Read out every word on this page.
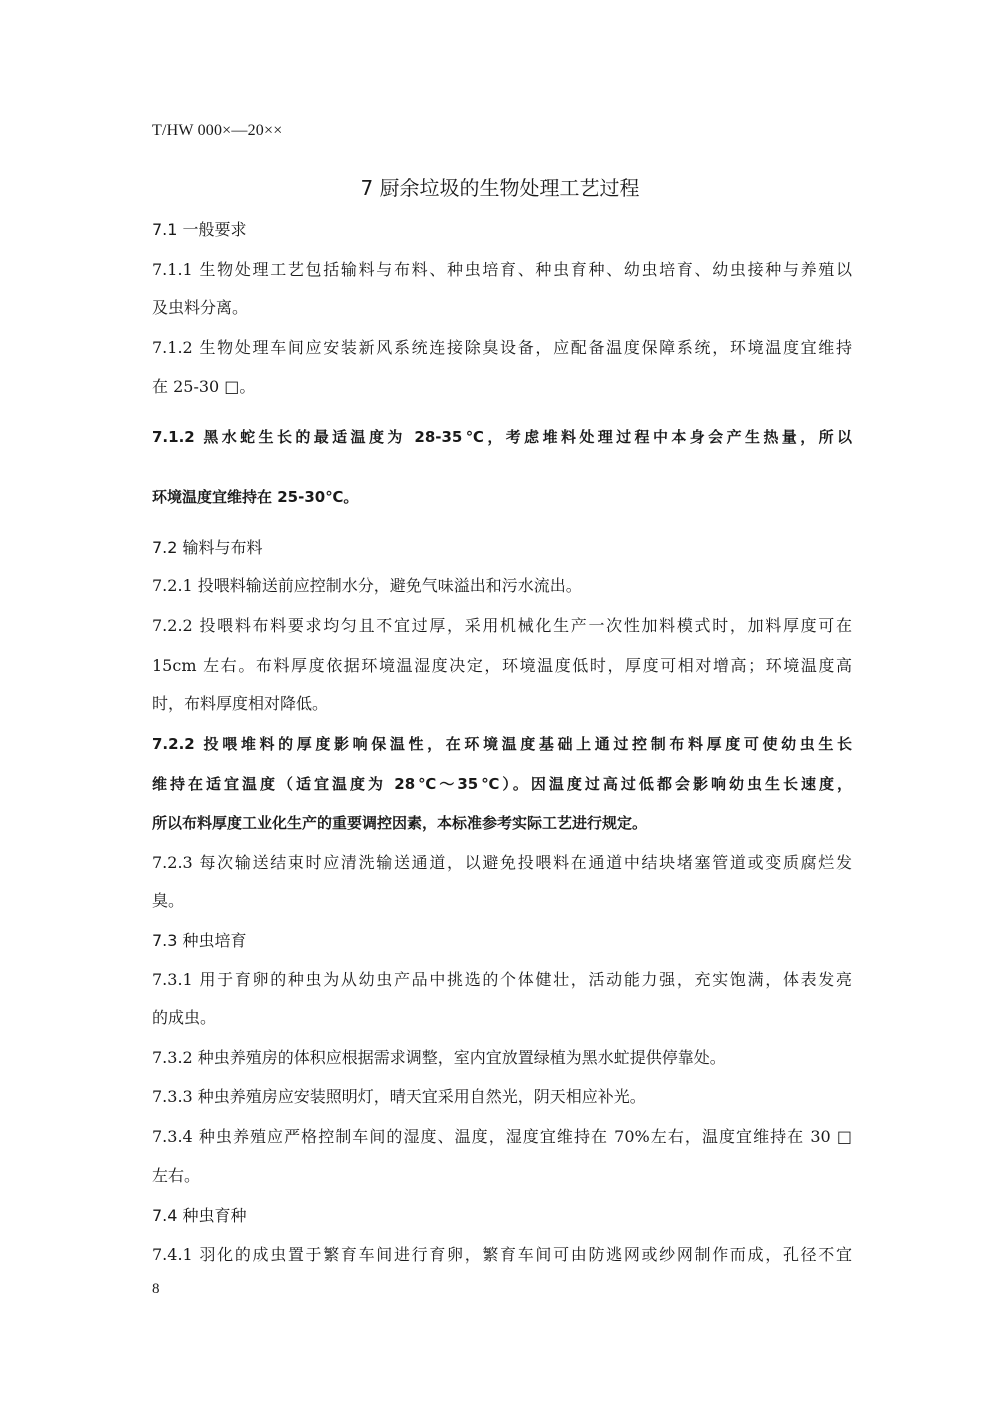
T/HW 000×—20××
7 厨余垃圾的生物处理工艺过程
7.1 一般要求
7.1.1 生物处理工艺包括输料与布料、种虫培育、种虫育种、幼虫培育、幼虫接种与养殖以
及虫料分离。
7.1.2 生物处理车间应安装新风系统连接除臭设备，应配备温度保障系统，环境温度宜维持
在 25-30 □。
7.1.2 黑水蛇生长的最适温度为 28-35℃，考虑堆料处理过程中本身会产生热量，所以
环境温度宜维持在 25-30℃。
7.2 输料与布料
7.2.1 投喂料输送前应控制水分，避免气味溢出和污水流出。
7.2.2 投喂料布料要求均匀且不宜过厚，采用机械化生产一次性加料模式时，加料厚度可在
15cm 左右。布料厚度依据环境温湿度决定，环境温度低时，厚度可相对增高；环境温度高
时，布料厚度相对降低。
7.2.2 投喂堆料的厚度影响保温性，在环境温度基础上通过控制布料厚度可使幼虫生长
维持在适宜温度（适宜温度为 28℃～35℃）。因温度过高过低都会影响幼虫生长速度，
所以布料厚度工业化生产的重要调控因素，本标准参考实际工艺进行规定。
7.2.3 每次输送结束时应清洗输送通道，以避免投喂料在通道中结块堵塞管道或变质腐烂发
臭。
7.3 种虫培育
7.3.1 用于育卵的种虫为从幼虫产品中挑选的个体健壮，活动能力强，充实饱满，体表发亮
的成虫。
7.3.2 种虫养殖房的体积应根据需求调整，室内宜放置绿植为黑水虻提供停靠处。
7.3.3 种虫养殖房应安装照明灯，晴天宜采用自然光，阴天相应补光。
7.3.4 种虫养殖应严格控制车间的湿度、温度，湿度宜维持在 70%左右，温度宜维持在 30 □
左右。
7.4 种虫育种
7.4.1 羽化的成虫置于繁育车间进行育卵，繁育车间可由防逃网或纱网制作而成，孔径不宜
8
